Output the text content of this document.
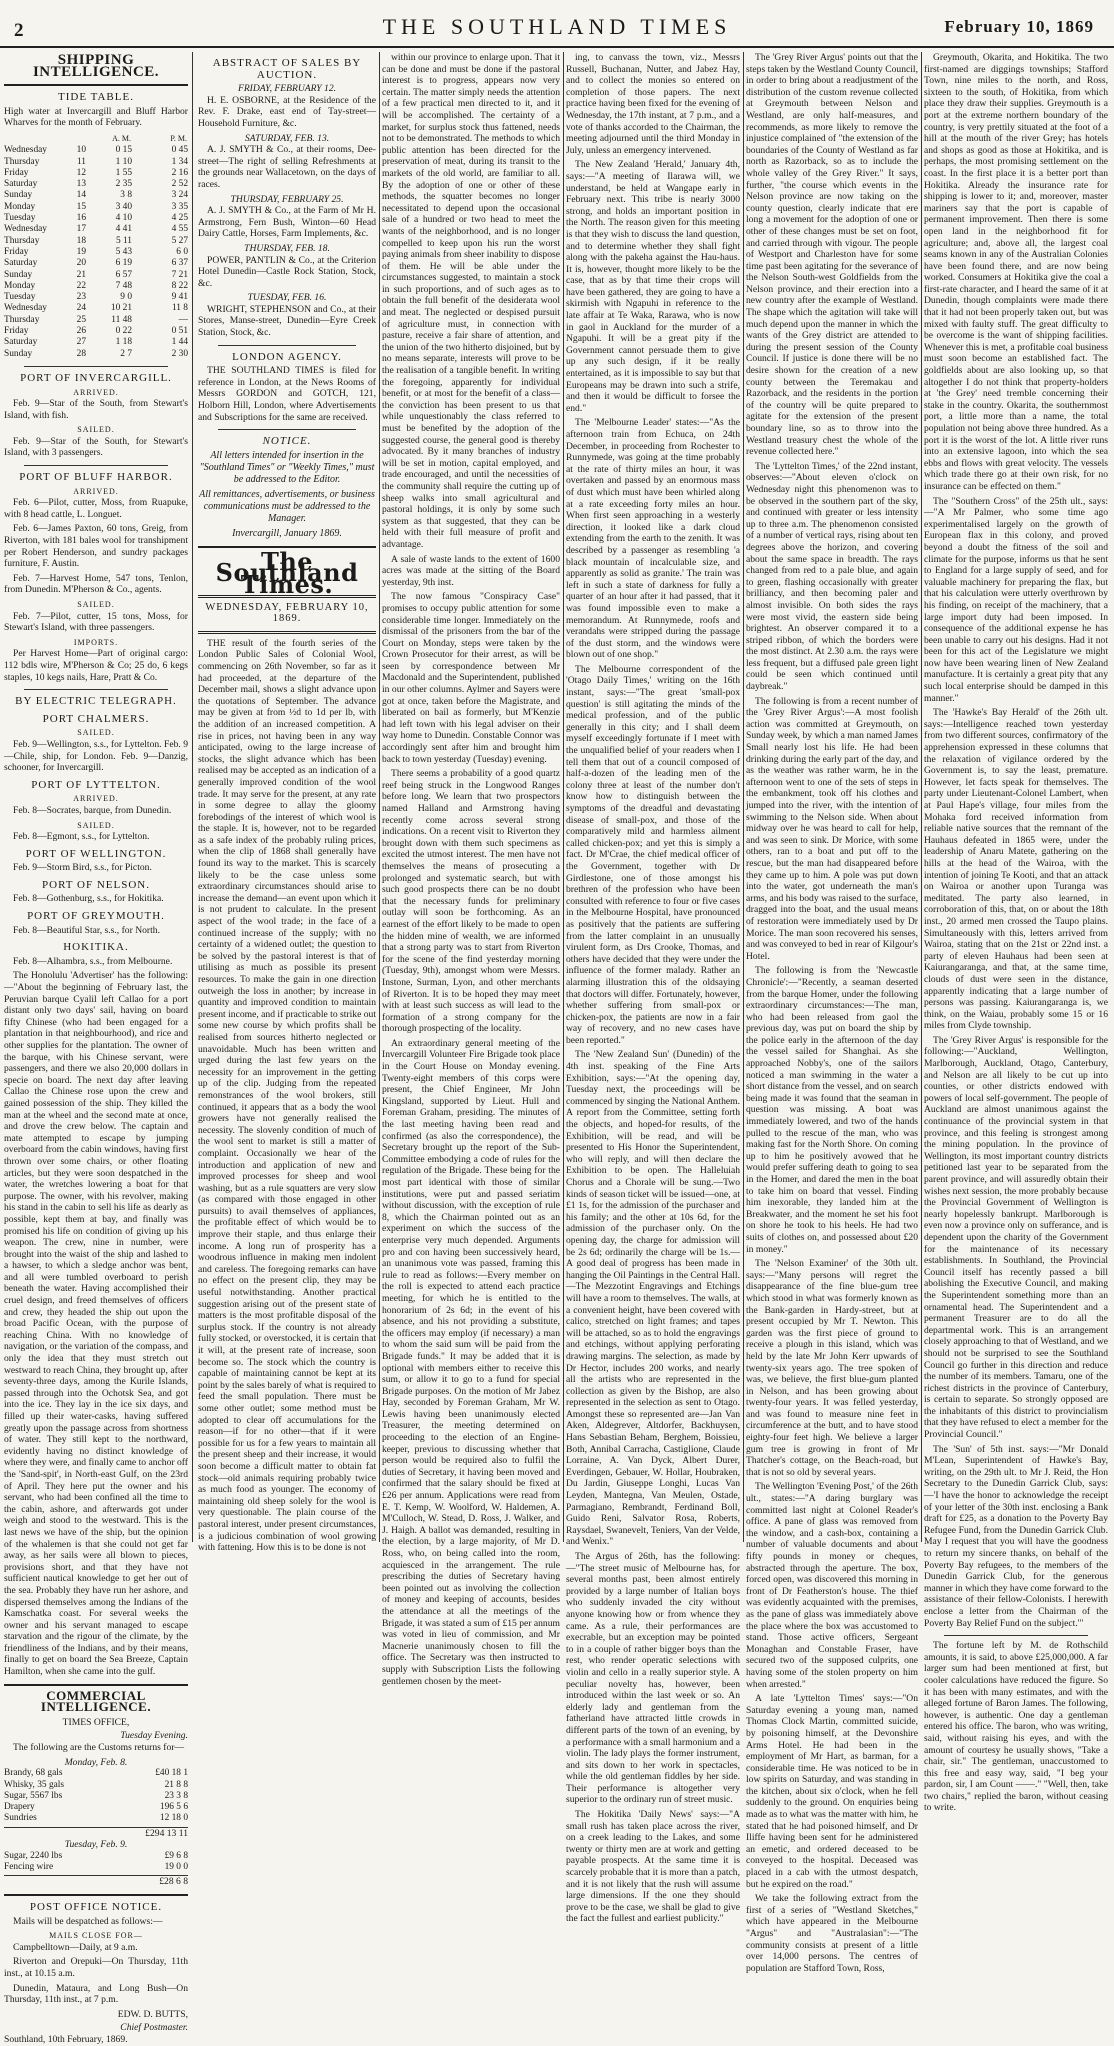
2	THE SOUTHLAND TIMES	February 10, 1869
SHIPPING INTELLIGENCE.
TIDE TABLE.

High water at Invercargill and Bluff Harbor Wharves for the month of February.

		A. M.	P. M.
Wednesday	10	0 15	0 45
Thursday	11	1 10	1 34
Friday	12	1 55	2 16
Saturday	13	2 35	2 52
Sunday	14	3 8	3 24
Monday	15	3 40	3 35
Tuesday	16	4 10	4 25
Wednesday	17	4 41	4 55
Thursday	18	5 11	5 27
Friday	19	5 43	6 0
Saturday	20	6 19	6 37
Sunday	21	6 57	7 21
Monday	22	7 48	8 22
Tuesday	23	9 0	9 41
Wednesday	24	10 21	11 8
Thursday	25	11 48	—
Friday	26	0 22	0 51
Saturday	27	1 18	1 44
Sunday	28	2 7	2 30
PORT OF INVERCARGILL.
ARRIVED.

Feb. 9—Star of the South, from Stewart's Island, with fish.

SAILED.

Feb. 9—Star of the South, for Stewart's Island, with 3 passengers.

PORT OF BLUFF HARBOR.
ARRIVED.

Feb. 6—Pilot, cutter, Moss, from Ruapuke, with 8 head cattle, L. Longuet.

Feb. 6—James Paxton, 60 tons, Greig, from Riverton, with 181 bales wool for transhipment per Robert Henderson, and sundry packages furniture, F. Austin.

Feb. 7—Harvest Home, 547 tons, Tenlon, from Dunedin. M'Pherson & Co., agents.

SAILED.

Feb. 7—Pilot, cutter, 15 tons, Moss, for Stewart's Island, with three passengers.

IMPORTS.

Per Harvest Home—Part of original cargo: 112 bdls wire, M'Pherson & Co; 25 do, 6 kegs staples, 10 kegs nails, Hare, Pratt & Co.

BY ELECTRIC TELEGRAPH.
PORT CHALMERS.
SAILED.

Feb. 9—Wellington, s.s., for Lyttelton. Feb. 9—Chile, ship, for London. Feb. 9—Danzig, schooner, for Invercargill.

PORT OF LYTTELTON.
ARRIVED.

Feb. 8—Socrates, barque, from Dunedin.

SAILED.

Feb. 8—Egmont, s.s., for Lyttelton.

PORT OF WELLINGTON.

Feb. 9—Storm Bird, s.s., for Picton.

PORT OF NELSON.

Feb. 8—Gothenburg, s.s., for Hokitika.

PORT OF GREYMOUTH.

Feb. 8—Beautiful Star, s.s., for North.

HOKITIKA.

Feb. 8—Alhambra, s.s., from Melbourne.

The Honolulu 'Advertiser' has the following:—"About the beginning of February last, the Peruvian barque Cyalil left Callao for a port distant only two days' sail, having on board fifty Chinese (who had been engaged for a plantation in that neighbourhood), and rice and other supplies for the plantation. The owner of the barque, with his Chinese servant, were passengers, and there we also 20,000 dollars in specie on board. The next day after leaving Callao the Chinese rose upon the crew and gained possession of the ship. They killed the man at the wheel and the second mate at once, and drove the crew below. The captain and mate attempted to escape by jumping overboard from the cabin windows, having first thrown over some chairs, or other floating articles, but they were soon despatched in the water, the wretches lowering a boat for that purpose. The owner, with his revolver, making his stand in the cabin to sell his life as dearly as possible, kept them at bay, and finally was promised his life on condition of giving up his weapon. The crew, nine in number, were brought into the waist of the ship and lashed to a hawser, to which a sledge anchor was bent, and all were tumbled overboard to perish beneath the water. Having accomplished their cruel design, and freed themselves of officers and crew, they headed the ship out upon the broad Pacific Ocean, with the purpose of reaching China. With no knowledge of navigation, or the variation of the compass, and only the idea that they must stretch out westward to reach China, they brought up, after seventy-three days, among the Kurile Islands, passed through into the Ochotsk Sea, and got into the ice. They lay in the ice six days, and filled up their water-casks, having suffered greatly upon the passage across from shortness of water. They still kept to the northward, evidently having no distinct knowledge of where they were, and finally came to anchor off the 'Sand-spit', in North-east Gulf, on the 23rd of April. They here put the owner and his servant, who had been confined all the time to the cabin, ashore, and afterwards got under weigh and stood to the westward. This is the last news we have of the ship, but the opinion of the whalemen is that she could not get far away, as her sails were all blown to pieces, provisions short, and that they have not sufficient nautical knowledge to get her out of the sea. Probably they have run her ashore, and dispersed themselves among the Indians of the Kamschatka coast. For several weeks the owner and his servant managed to escape starvation and the rigour of the climate, by the friendliness of the Indians, and by their means, finally to get on board the Sea Breeze, Captain Hamilton, when she came into the gulf.

COMMERCIAL INTELLIGENCE.
TIMES OFFICE,
Tuesday Evening.

The following are the Customs returns for—

Monday, Feb. 8.
Brandy, 68 gals	£40 18 1
Whisky, 35 gals	21 8 8
Sugar, 5567 lbs	23 3 8
Drapery	196 5 6
Sundries	12 18 0
£294 13 11
Tuesday, Feb. 9.
Sugar, 2240 lbs	£9 6 8
Fencing wire	19 0 0
£28 6 8
POST OFFICE NOTICE.

Mails will be despatched as follows:—

MAILS CLOSE FOR—

Campbelltown—Daily, at 9 a.m.

Riverton and Orepuki—On Thursday, 11th inst., at 10.15 a.m.

Dunedin, Mataura, and Long Bush—On Thursday, 11th inst., at 7 p.m.

EDW. D. BUTTS,
Chief Postmaster.

Southland, 10th February, 1869.

ABSTRACT OF SALES BY AUCTION.
FRIDAY, FEBRUARY 12.

H. E. OSBORNE, at the Residence of the Rev. F. Drake, east end of Tay-street—Household Furniture, &c.

SATURDAY, FEB. 13.

A. J. SMYTH & Co., at their rooms, Dee-street—The right of selling Refreshments at the grounds near Wallacetown, on the days of races.

THURSDAY, FEBRUARY 25.

A. J. SMYTH & Co., at the Farm of Mr H. Armstrong, Fern Bush, Winton—60 Head Dairy Cattle, Horses, Farm Implements, &c.

THURSDAY, FEB. 18.

POWER, PANTLIN & Co., at the Criterion Hotel Dunedin—Castle Rock Station, Stock, &c.

TUESDAY, FEB. 16.

WRIGHT, STEPHENSON and Co., at their Stores, Manse-street, Dunedin—Eyre Creek Station, Stock, &c.

LONDON AGENCY.

THE SOUTHLAND TIMES is filed for reference in London, at the News Rooms of Messrs GORDON and GOTCH, 121, Holborn Hill, London, where Advertisements and Subscriptions for the same are received.

NOTICE.

All letters intended for insertion in the "Southland Times" or "Weekly Times," must be addressed to the Editor.

All remittances, advertisements, or business communications must be addressed to the Manager.

Invercargill, January 1869.

The Southland Times.
WEDNESDAY, FEBRUARY 10, 1869.

THE result of the fourth series of the London Public Sales of Colonial Wool, commencing on 26th November, so far as it had proceeded, at the departure of the December mail, shows a slight advance upon the quotations of September. The advance may be given at from ½d to 1d per lb, with the addition of an increased competition. A rise in prices, not having been in any way anticipated, owing to the large increase of stocks, the slight advance which has been realised may be accepted as an indication of a generally improved condition of the wool trade. It may serve for the present, at any rate in some degree to allay the gloomy forebodings of the interest of which wool is the staple. It is, however, not to be regarded as a safe index of the probably ruling prices, when the clip of 1868 shall generally have found its way to the market. This is scarcely likely to be the case unless some extraordinary circumstances should arise to increase the demand—an event upon which it is not prudent to calculate. In the present aspect of the wool trade; in the face of a continued increase of the supply; with no certainty of a widened outlet; the question to be solved by the pastoral interest is that of utilising as much as possible its present resources. To make the gain in one direction outweigh the loss in another; by increase in quantity and improved condition to maintain present income, and if practicable to strike out some new course by which profits shall be realised from sources hitherto neglected or unavoidable. Much has been written and urged during the last few years on the necessity for an improvement in the getting up of the clip. Judging from the repeated remonstrances of the wool brokers, still continued, it appears that as a body the wool growers have not generally realised the necessity. The slovenly condition of much of the wool sent to market is still a matter of complaint. Occasionally we hear of the introduction and application of new and improved processes for sheep and wool washing, but as a rule squatters are very slow (as compared with those engaged in other pursuits) to avail themselves of appliances, the profitable effect of which would be to improve their staple, and thus enlarge their income. A long run of prosperity has a woodrous influence in making men indolent and careless. The foregoing remarks can have no effect on the present clip, they may be useful notwithstanding. Another practical suggestion arising out of the present state of matters is the most profitable disposal of the surplus stock. If the country is not already fully stocked, or overstocked, it is certain that it will, at the present rate of increase, soon become so. The stock which the country is capable of maintaining cannot be kept at its point by the sales barely of what is required to feed the small population. There must be some other outlet; some method must be adopted to clear off accumulations for the reason—if for no other—that if it were possible for us for a few years to maintain all the present sheep and their increase, it would soon become a difficult matter to obtain fat stock—old animals requiring probably twice as much food as younger. The economy of maintaining old sheep solely for the wool is very questionable. The plain course of the pastoral interest, under present circumstances, is a judicious combination of wool growing with fattening. How this is to be done is not

within our province to enlarge upon. That it can be done and must be done if the pastoral interest is to progress, appears now very certain. The matter simply needs the attention of a few practical men directed to it, and it will be accomplished. The certainty of a market, for surplus stock thus fattened, needs not to be demonstrated. The methods to which public attention has been directed for the preservation of meat, during its transit to the markets of the old world, are familiar to all. By the adoption of one or other of these methods, the squatter becomes no longer necessitated to depend upon the occasional sale of a hundred or two head to meet the wants of the neighborhood, and is no longer compelled to keep upon his run the worst paying animals from sheer inability to dispose of them. He will be able under the circumstances suggested, to maintain a stock in such proportions, and of such ages as to obtain the full benefit of the desiderata wool and meat. The neglected or despised pursuit of agriculture must, in connection with pasture, receive a fair share of attention, and the union of the two hitherto disjoined, but by no means separate, interests will prove to be the realisation of a tangible benefit. In writing the foregoing, apparently for individual benefit, or at most for the benefit of a class—the conviction has been present to us that while unquestionably the class referred to must be benefited by the adoption of the suggested course, the general good is thereby advocated. By it many branches of industry will be set in motion, capital employed, and trade encouraged, and until the necessities of the community shall require the cutting up of sheep walks into small agricultural and pastoral holdings, it is only by some such system as that suggested, that they can be held with their full measure of profit and advantage.

A sale of waste lands to the extent of 1600 acres was made at the sitting of the Board yesterday, 9th inst.

The now famous "Conspiracy Case" promises to occupy public attention for some considerable time longer. Immediately on the dismissal of the prisoners from the bar of the Court on Monday, steps were taken by the Crown Prosecutor for their arrest, as will be seen by correspondence between Mr Macdonald and the Superintendent, published in our other columns. Aylmer and Sayers were got at once, taken before the Magistrate, and liberated on bail as formerly, but M'Kenzie had left town with his legal adviser on their way home to Dunedin. Constable Connor was accordingly sent after him and brought him back to town yesterday (Tuesday) evening.

There seems a probability of a good quartz reef being struck in the Longwood Ranges before long. We learn that two prospectors named Halland and Armstrong having recently come across several strong indications. On a recent visit to Riverton they brought down with them such specimens as excited the utmost interest. The men have not themselves the means of prosecuting a prolonged and systematic search, but with such good prospects there can be no doubt that the necessary funds for preliminary outlay will soon be forthcoming. As an earnest of the effort likely to be made to open the hidden mine of wealth, we are informed that a strong party was to start from Riverton for the scene of the find yesterday morning (Tuesday, 9th), amongst whom were Messrs. Instone, Surman, Lyon, and other merchants of Riverton. It is to be hoped they may meet with at least such success as will lead to the formation of a strong company for the thorough prospecting of the locality.

An extraordinary general meeting of the Invercargill Volunteer Fire Brigade took place in the Court House on Monday evening. Twenty-eight members of this corps were present, the Chief Engineer, Mr John Kingsland, supported by Lieut. Hull and Foreman Graham, presiding. The minutes of the last meeting having been read and confirmed (as also the correspondence), the Secretary brought up the report of the Sub-Committee embodying a code of rules for the regulation of the Brigade. These being for the most part identical with those of similar institutions, were put and passed seriatim without discussion, with the exception of rule 8, which the Chairman pointed out as an experiment on which the success of the enterprise very much depended. Arguments pro and con having been successively heard, an unanimous vote was passed, framing this rule to read as follows:—Every member on the roll is expected to attend each practice meeting, for which he is entitled to the honorarium of 2s 6d; in the event of his absence, and his not providing a substitute, the officers may employ (if necessary) a man to whom the said sum will be paid from the Brigade funds." It may be added that it is optional with members either to receive this sum, or allow it to go to a fund for special Brigade purposes. On the motion of Mr Jabez Hay, seconded by Foreman Graham, Mr W. Lewis having been unanimously elected Treasurer, the meeting determined on proceeding to the election of an Engine-keeper, previous to discussing whether that person would be required also to fulfil the duties of Secretary, it having been moved and confirmed that the salary should be fixed at £26 per annum. Applications were read from E. T. Kemp, W. Woolford, W. Haldemen, A. M'Culloch, W. Stead, D. Ross, J. Walker, and J. Haigh. A ballot was demanded, resulting in the election, by a large majority, of Mr D. Ross, who, on being called into the room, acquiesced in the arrangement. The rule prescribing the duties of Secretary having been pointed out as involving the collection of money and keeping of accounts, besides the attendance at all the meetings of the Brigade, it was stated a sum of £15 per annum was voted in lieu of commission, and Mr Macnerie unanimously chosen to fill the office. The Secretary was then instructed to supply with Subscription Lists the following gentlemen chosen by the meet-

ing, to canvass the town, viz., Messrs Russell, Buchanan, Nutter, and Jabez Hay, and to collect the monies so entered on completion of those papers. The next practice having been fixed for the evening of Wednesday, the 17th instant, at 7 p.m., and a vote of thanks accorded to the Chairman, the meeting adjourned until the third Monday in July, unless an emergency intervened.

The New Zealand 'Herald,' January 4th, says:—"A meeting of Ilarawa will, we understand, be held at Wangape early in February next. This tribe is nearly 3000 strong, and holds an important position in the North. The reason given for this meeting is that they wish to discuss the land question, and to determine whether they shall fight along with the pakeha against the Hau-haus. It is, however, thought more likely to be the case, that as by that time their crops will have been gathered, they are going to have a skirmish with Ngapuhi in reference to the late affair at Te Waka, Rarawa, who is now in gaol in Auckland for the murder of a Ngapuhi. It will be a great pity if the Government cannot persuade them to give up any such design, if it be really entertained, as it is impossible to say but that Europeans may be drawn into such a strife, and then it would be difficult to forsee the end."

The 'Melbourne Leader' states:—"As the afternoon train from Echuca, on 24th December, in proceeding from Rochester to Runnymede, was going at the time probably at the rate of thirty miles an hour, it was overtaken and passed by an enormous mass of dust which must have been whirled along at a rate exceeding forty miles an hour. When first seen approaching in a westerly direction, it looked like a dark cloud extending from the earth to the zenith. It was described by a passenger as resembling 'a black mountain of incalculable size, and apparently as solid as granite.' The train was left in such a state of darkness for fully a quarter of an hour after it had passed, that it was found impossible even to make a memorandum. At Runnymede, roofs and verandahs were stripped during the passage of the dust storm, and the windows were blown out of one shop."

The Melbourne correspondent of the 'Otago Daily Times,' writing on the 16th instant, says:—"The great 'small-pox question' is still agitating the minds of the medical profession, and of the public generally in this city; and I shall deem myself exceedingly fortunate if I meet with the unqualified belief of your readers when I tell them that out of a council composed of half-a-dozen of the leading men of the colony three at least of the number don't know how to distinguish between the symptoms of the dreadful and devastating disease of small-pox, and those of the comparatively mild and harmless ailment called chicken-pox; and yet this is simply a fact. Dr M'Crae, the chief medical officer of the Government, together with Dr Girdlestone, one of those amongst his brethren of the profession who have been consulted with reference to four or five cases in the Melbourne Hospital, have pronounced as positively that the patients are suffering from the latter complaint in an unusually virulent form, as Drs Crooke, Thomas, and others have decided that they were under the influence of the former malady. Rather an alarming illustration this of the oldsaying that doctors will differ. Fortunately, however, whether suffering from small-pox or chicken-pox, the patients are now in a fair way of recovery, and no new cases have been reported."

The 'New Zealand Sun' (Dunedin) of the 4th inst. speaking of the Fine Arts Exhibition, says:—"At the opening day, Tuesday next, the proceedings will be commenced by singing the National Anthem. A report from the Committee, setting forth the objects, and hoped-for results, of the Exhibition, will be read, and will be presented to His Honor the Superintendent, who will reply, and will then declare the Exhibition to be open. The Halleluiah Chorus and a Chorale will be sung.—Two kinds of season ticket will be issued—one, at £1 1s, for the admission of the purchaser and his family; and the other at 10s 6d, for the admission of the purchaser only. On the opening day, the charge for admission will be 2s 6d; ordinarily the charge will be 1s.—A good deal of progress has been made in hanging the Oil Paintings in the Central Hall.—The Mezzotint Engravings and Etchings will have a room to themselves. The walls, at a convenient height, have been covered with calico, stretched on light frames; and tapes will be attached, so as to hold the engravings and etchings, without applying perforating drawing margins. The selection, as made by Dr Hector, includes 200 works, and nearly all the artists who are represented in the collection as given by the Bishop, are also represented in the selection as sent to Otago. Amongst these so represented are—Jan Van Aken, Aldegrever, Altdorfer, Backhuysen, Hans Sebastian Beham, Berghem, Boissieu, Both, Annibal Carracha, Castiglione, Claude Lorraine, A. Van Dyck, Albert Durer, Everdingen, Gebauer, W. Hollar, Houbraken, Du Jardin, Giuseppe Longhi, Lucas Van Leyden, Mantegna, Van Meulen, Ostade, Parmagiano, Rembrandt, Ferdinand Boll, Guido Reni, Salvator Rosa, Roberts, Raysdael, Swanevelt, Teniers, Van der Velde, and Wenix."

The Argus of 26th, has the following:—"The street music of Melbourne has, for several months past, been almost entirely provided by a large number of Italian boys who suddenly invaded the city without anyone knowing how or from whence they came. As a rule, their performances are execrable, but an exception may be pointed to in a couple of rather bigger boys than the rest, who render operatic selections with violin and cello in a really superior style. A peculiar novelty has, however, been introduced within the last week or so. An elderly lady and gentleman from the fatherland have attracted little crowds in different parts of the town of an evening, by a performance with a small harmonium and a violin. The lady plays the former instrument, and sits down to her work in spectacles, while the old gentleman fiddles by her side. Their performance is altogether very superior to the ordinary run of street music.

The Hokitika 'Daily News' says:—"A small rush has taken place across the river, on a creek leading to the Lakes, and some twenty or thirty men are at work and getting payable prospects. At the same time it is scarcely probable that it is more than a patch, and it is not likely that the rush will assume large dimensions. If the one they should prove to be the case, we shall be glad to give the fact the fullest and earliest publicity."

The 'Grey River Argus' points out that the steps taken by the Westland County Council, in order to bring about a readjustment of the distribution of the custom revenue collected at Greymouth between Nelson and Westland, are only half-measures, and recommends, as more likely to remove the injustice complained of "the extension of the boundaries of the County of Westland as far north as Razorback, so as to include the whole valley of the Grey River." It says, further, "the course which events in the Nelson province are now taking on the county question, clearly indicate that ere long a movement for the adoption of one or other of these changes must be set on foot, and carried through with vigour. The people of Westport and Charleston have for some time past been agitating for the severance of the Nelson South-west Goldfields from the Nelson province, and their erection into a new country after the example of Westland. The shape which the agitation will take will much depend upon the manner in which the wants of the Grey district are attended to during the present session of the County Council. If justice is done there will be no desire shown for the creation of a new county between the Teremakau and Razorback, and the residents in the portion of the country will be quite prepared to agitate for the extension of the present boundary line, so as to throw into the Westland treasury chest the whole of the revenue collected here."

The 'Lyttelton Times,' of the 22nd instant, observes:—"About eleven o'clock on Wednesday night this phenomenon was to be observed in the southern part of the sky, and continued with greater or less intensity up to three a.m. The phenomenon consisted of a number of vertical rays, rising about ten degrees above the horizon, and covering about the same space in breadth. The rays changed from red to a pale blue, and again to green, flashing occasionally with greater brilliancy, and then becoming paler and almost invisible. On both sides the rays were most vivid, the eastern side being brightest. An observer compared it to a striped ribbon, of which the borders were the most distinct. At 2.30 a.m. the rays were less frequent, but a diffused pale green light could be seen which continued until daybreak."

The following is from a recent number of the 'Grey River Argus':—A most foolish action was committed at Greymouth, on Sunday week, by which a man named James Small nearly lost his life. He had been drinking during the early part of the day, and as the weather was rather warm, he in the afternoon went to one of the sets of steps in the embankment, took off his clothes and jumped into the river, with the intention of swimming to the Nelson side. When about midway over he was heard to call for help, and was seen to sink. Dr Morice, with some others, ran to a boat and put off to the rescue, but the man had disappeared before they came up to him. A pole was put down into the water, got underneath the man's arms, and his body was raised to the surface, dragged into the boat, and the usual means of restoration were immediately used by Dr Morice. The man soon recovered his senses, and was conveyed to bed in rear of Kilgour's Hotel.

The following is from the 'Newcastle Chronicle':—"Recently, a seaman deserted from the barque Homer, under the following extraordinary circumstances:—The man, who had been released from gaol the previous day, was put on board the ship by the police early in the afternoon of the day the vessel sailed for Shanghai. As she approached Nobby's, one of the sailors noticed a man swimming in the water a short distance from the vessel, and on search being made it was found that the seaman in question was missing. A boat was immediately lowered, and two of the hands pulled to the rescue of the man, who was making fast for the North Shore. On coming up to him he positively avowed that he would prefer suffering death to going to sea in the Homer, and dared the men in the boat to take him on board that vessel. Finding him inexorable, they landed him at the Breakwater, and the moment he set his foot on shore he took to his heels. He had two suits of clothes on, and possessed about £20 in money."

The 'Nelson Examiner' of the 30th ult. says:—"Many persons will regret the disappearance of the fine blue-gum tree which stood in what was formerly known as the Bank-garden in Hardy-street, but at present occupied by Mr T. Newton. This garden was the first piece of ground to receive a plough in this island, which was held by the late Mr John Kerr upwards of twenty-six years ago. The tree spoken of was, we believe, the first blue-gum planted in Nelson, and has been growing about twenty-four years. It was felled yesterday, and was found to measure nine feet in circumference at the butt, and to have stood eighty-four feet high. We believe a larger gum tree is growing in front of Mr Thatcher's cottage, on the Beach-road, but that is not so old by several years.

The Wellington 'Evening Post,' of the 26th ult., states:—"A daring burglary was committed last night at Colonel Reader's office. A pane of glass was removed from the window, and a cash-box, containing a number of valuable documents and about fifty pounds in money or cheques, abstracted through the aperture. The box, forced open, was discovered this morning in front of Dr Featherston's house. The thief was evidently acquainted with the premises, as the pane of glass was immediately above the place where the box was accustomed to stand. Those active officers, Sergeant Monaghan and Constable Fraser, have secured two of the supposed culprits, one having some of the stolen property on him when arrested."

A late 'Lyttelton Times' says:—"On Saturday evening a young man, named Thomas Clock Martin, committed suicide, by poisoning himself, at the Devonshire Arms Hotel. He had been in the employment of Mr Hart, as barman, for a considerable time. He was noticed to be in low spirits on Saturday, and was standing in the kitchen, about six o'clock, when he fell suddenly to the ground. On enquiries being made as to what was the matter with him, he stated that he had poisoned himself, and Dr Iliffe having been sent for he administered an emetic, and ordered deceased to be conveyed to the hospital. Deceased was placed in a cab with the utmost despatch, but he expired on the road."

We take the following extract from the first of a series of "Westland Sketches," which have appeared in the Melbourne "Argus" and "Australasian":—"The community consists at present of a little over 14,000 persons. The centres of population are Stafford Town, Ross,

Greymouth, Okarita, and Hokitika. The two first-named are diggings townships; Stafford Town, nine miles to the north, and Ross, sixteen to the south, of Hokitika, from which place they draw their supplies. Greymouth is a port at the extreme northern boundary of the country, is very prettily situated at the foot of a hill at the mouth of the river Grey; has hotels and shops as good as those at Hokitika, and is perhaps, the most promising settlement on the coast. In the first place it is a better port than Hokitika. Already the insurance rate for shipping is lower to it; and, moreover, master mariners say that the port is capable of permanent improvement. Then there is some open land in the neighborhood fit for agriculture; and, above all, the largest coal seams known in any of the Australian Colonies have been found there, and are now being worked. Consumers at Hokitika give the coal a first-rate character, and I heard the same of it at Dunedin, though complaints were made there that it had not been properly taken out, but was mixed with faulty stuff. The great difficulty to be overcome is the want of shipping facilities. Whenever this is met, a profitable coal business must soon become an established fact. The goldfields about are also looking up, so that altogether I do not think that property-holders at 'the Grey' need tremble concerning their stake in the country. Okarita, the southernmost port, a little more than a name, the total population not being above three hundred. As a port it is the worst of the lot. A little river runs into an extensive lagoon, into which the sea ebbs and flows with great velocity. The vessels which trade there go at their own risk, for no insurance can be effected on them."

The "Southern Cross" of the 25th ult., says:—"A Mr Palmer, who some time ago experimentalised largely on the growth of European flax in this colony, and proved beyond a doubt the fitness of the soil and climate for the purpose, informs us that he sent to England for a large supply of seed, and for valuable machinery for preparing the flax, but that his calculation were utterly overthrown by his finding, on receipt of the machinery, that a large import duty had been imposed. In consequence of the additional expense he has been unable to carry out his designs. Had it not been for this act of the Legislature we might now have been wearing linen of New Zealand manufacture. It is certainly a great pity that any such local enterprise should be damped in this manner."

The 'Hawke's Bay Herald' of the 26th ult. says:—Intelligence reached town yesterday from two different sources, confirmatory of the apprehension expressed in these columns that the relaxation of vigilance ordered by the Government is, to say the least, premature. However, let facts speak for themselves. The party under Lieutenant-Colonel Lambert, when at Paul Hape's village, four miles from the Mohaka ford received information from reliable native sources that the remnant of the Hauhaus defeated in 1865 were, under the leadership of Anaru Matete, gathering on the hills at the head of the Wairoa, with the intention of joining Te Kooti, and that an attack on Wairoa or another upon Turanga was meditated. The party also learned, in corroboration of this, that, on or about the 18th inst., 20 armed men crossed the Taupo plains. Simultaneously with this, letters arrived from Wairoa, stating that on the 21st or 22nd inst. a party of eleven Hauhaus had been seen at Kaiurangaranga, and that, at the same time, clouds of dust were seen in the distance, apparently indicating that a large number of persons was passing. Kaiurangaranga is, we think, on the Waiau, probably some 15 or 16 miles from Clyde township.

The 'Grey River Argus' is responsible for the following:—"Auckland, Wellington, Marlborough, Auckland, Otago, Canterbury, and Nelson are all likely to be cut up into counties, or other districts endowed with powers of local self-government. The people of Auckland are almost unanimous against the continuance of the provincial system in that province, and this feeling is strongest among the mining population. In the province of Wellington, its most important country districts petitioned last year to be separated from the parent province, and will assuredly obtain their wishes next session, the more probably because the Provincial Government of Wellington is nearly hopelessly bankrupt. Marlborough is even now a province only on sufferance, and is dependent upon the charity of the Government for the maintenance of its necessary establishments. In Southland, the Provincial Council itself has recently passed a bill abolishing the Executive Council, and making the Superintendent something more than an ornamental head. The Superintendent and a permanent Treasurer are to do all the departmental work. This is an arrangement closely approaching to that of Westland, and we should not be surprised to see the Southland Council go further in this direction and reduce the number of its members. Tamaru, one of the richest districts in the province of Canterbury, is certain to separate. So strongly opposed are the inhabitants of this district to provincialism that they have refused to elect a member for the Provincial Council."

The 'Sun' of 5th inst. says:—"Mr Donald M'Lean, Superintendent of Hawke's Bay, writing, on the 29th ult. to Mr J. Reid, the Hon Secretary to the Dunedin Garrick Club, says:—'I have the honor to acknowledge the receipt of your letter of the 30th inst. enclosing a Bank draft for £25, as a donation to the Poverty Bay Refugee Fund, from the Dunedin Garrick Club. May I request that you will have the goodness to return my sincere thanks, on behalf of the Poverty Bay refugees, to the members of the Dunedin Garrick Club, for the generous manner in which they have come forward to the assistance of their fellow-Colonists. I herewith enclose a letter from the Chairman of the Poverty Bay Relief Fund on the subject.'"

The fortune left by M. de Rothschild amounts, it is said, to above £25,000,000. A far larger sum had been mentioned at first, but cooler calculations have reduced the figure. So it has been with many estimates, and with the alleged fortune of Baron James. The following, however, is authentic. One day a gentleman entered his office. The baron, who was writing, said, without raising his eyes, and with the amount of courtesy he usually shows, "Take a chair, sir." The gentleman, unaccustomed to this free and easy way, said, "I beg your pardon, sir, I am Count ——." "Well, then, take two chairs," replied the baron, without ceasing to write.
